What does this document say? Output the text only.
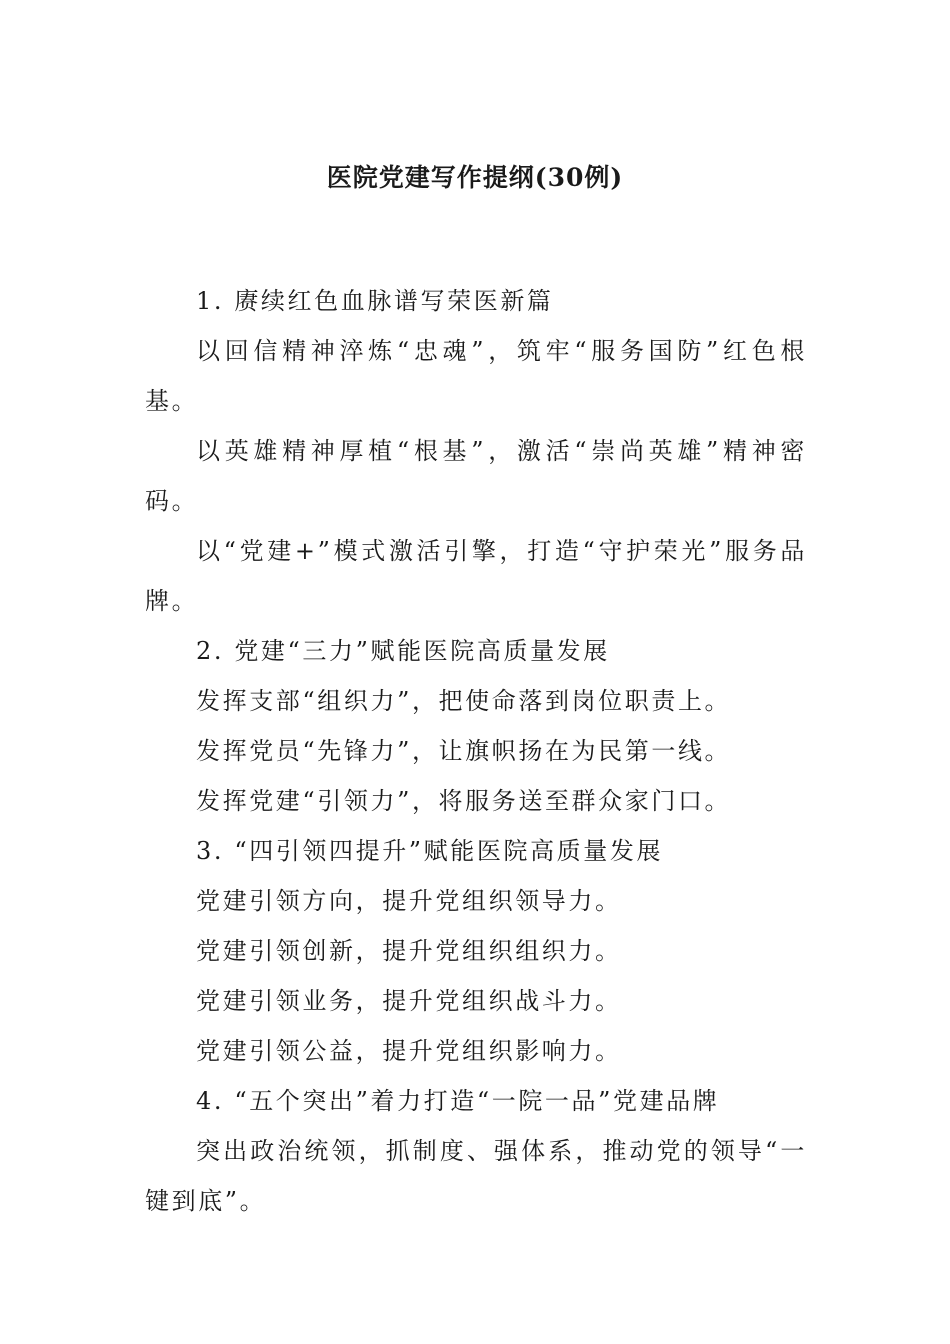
医院党建写作提纲(30例)

1. 赓续红色血脉谱写荣医新篇

以回信精神淬炼“忠魂”，筑牢“服务国防”红色根基。

以英雄精神厚植“根基”，激活“崇尚英雄”精神密码。

以“党建+”模式激活引擎，打造“守护荣光”服务品牌。

2. 党建“三力”赋能医院高质量发展

发挥支部“组织力”，把使命落到岗位职责上。

发挥党员“先锋力”，让旗帜扬在为民第一线。

发挥党建“引领力”，将服务送至群众家门口。

3. “四引领四提升”赋能医院高质量发展

党建引领方向，提升党组织领导力。

党建引领创新，提升党组织组织力。

党建引领业务，提升党组织战斗力。

党建引领公益，提升党组织影响力。

4. “五个突出”着力打造“一院一品”党建品牌

突出政治统领，抓制度、强体系，推动党的领导“一键到底”。
